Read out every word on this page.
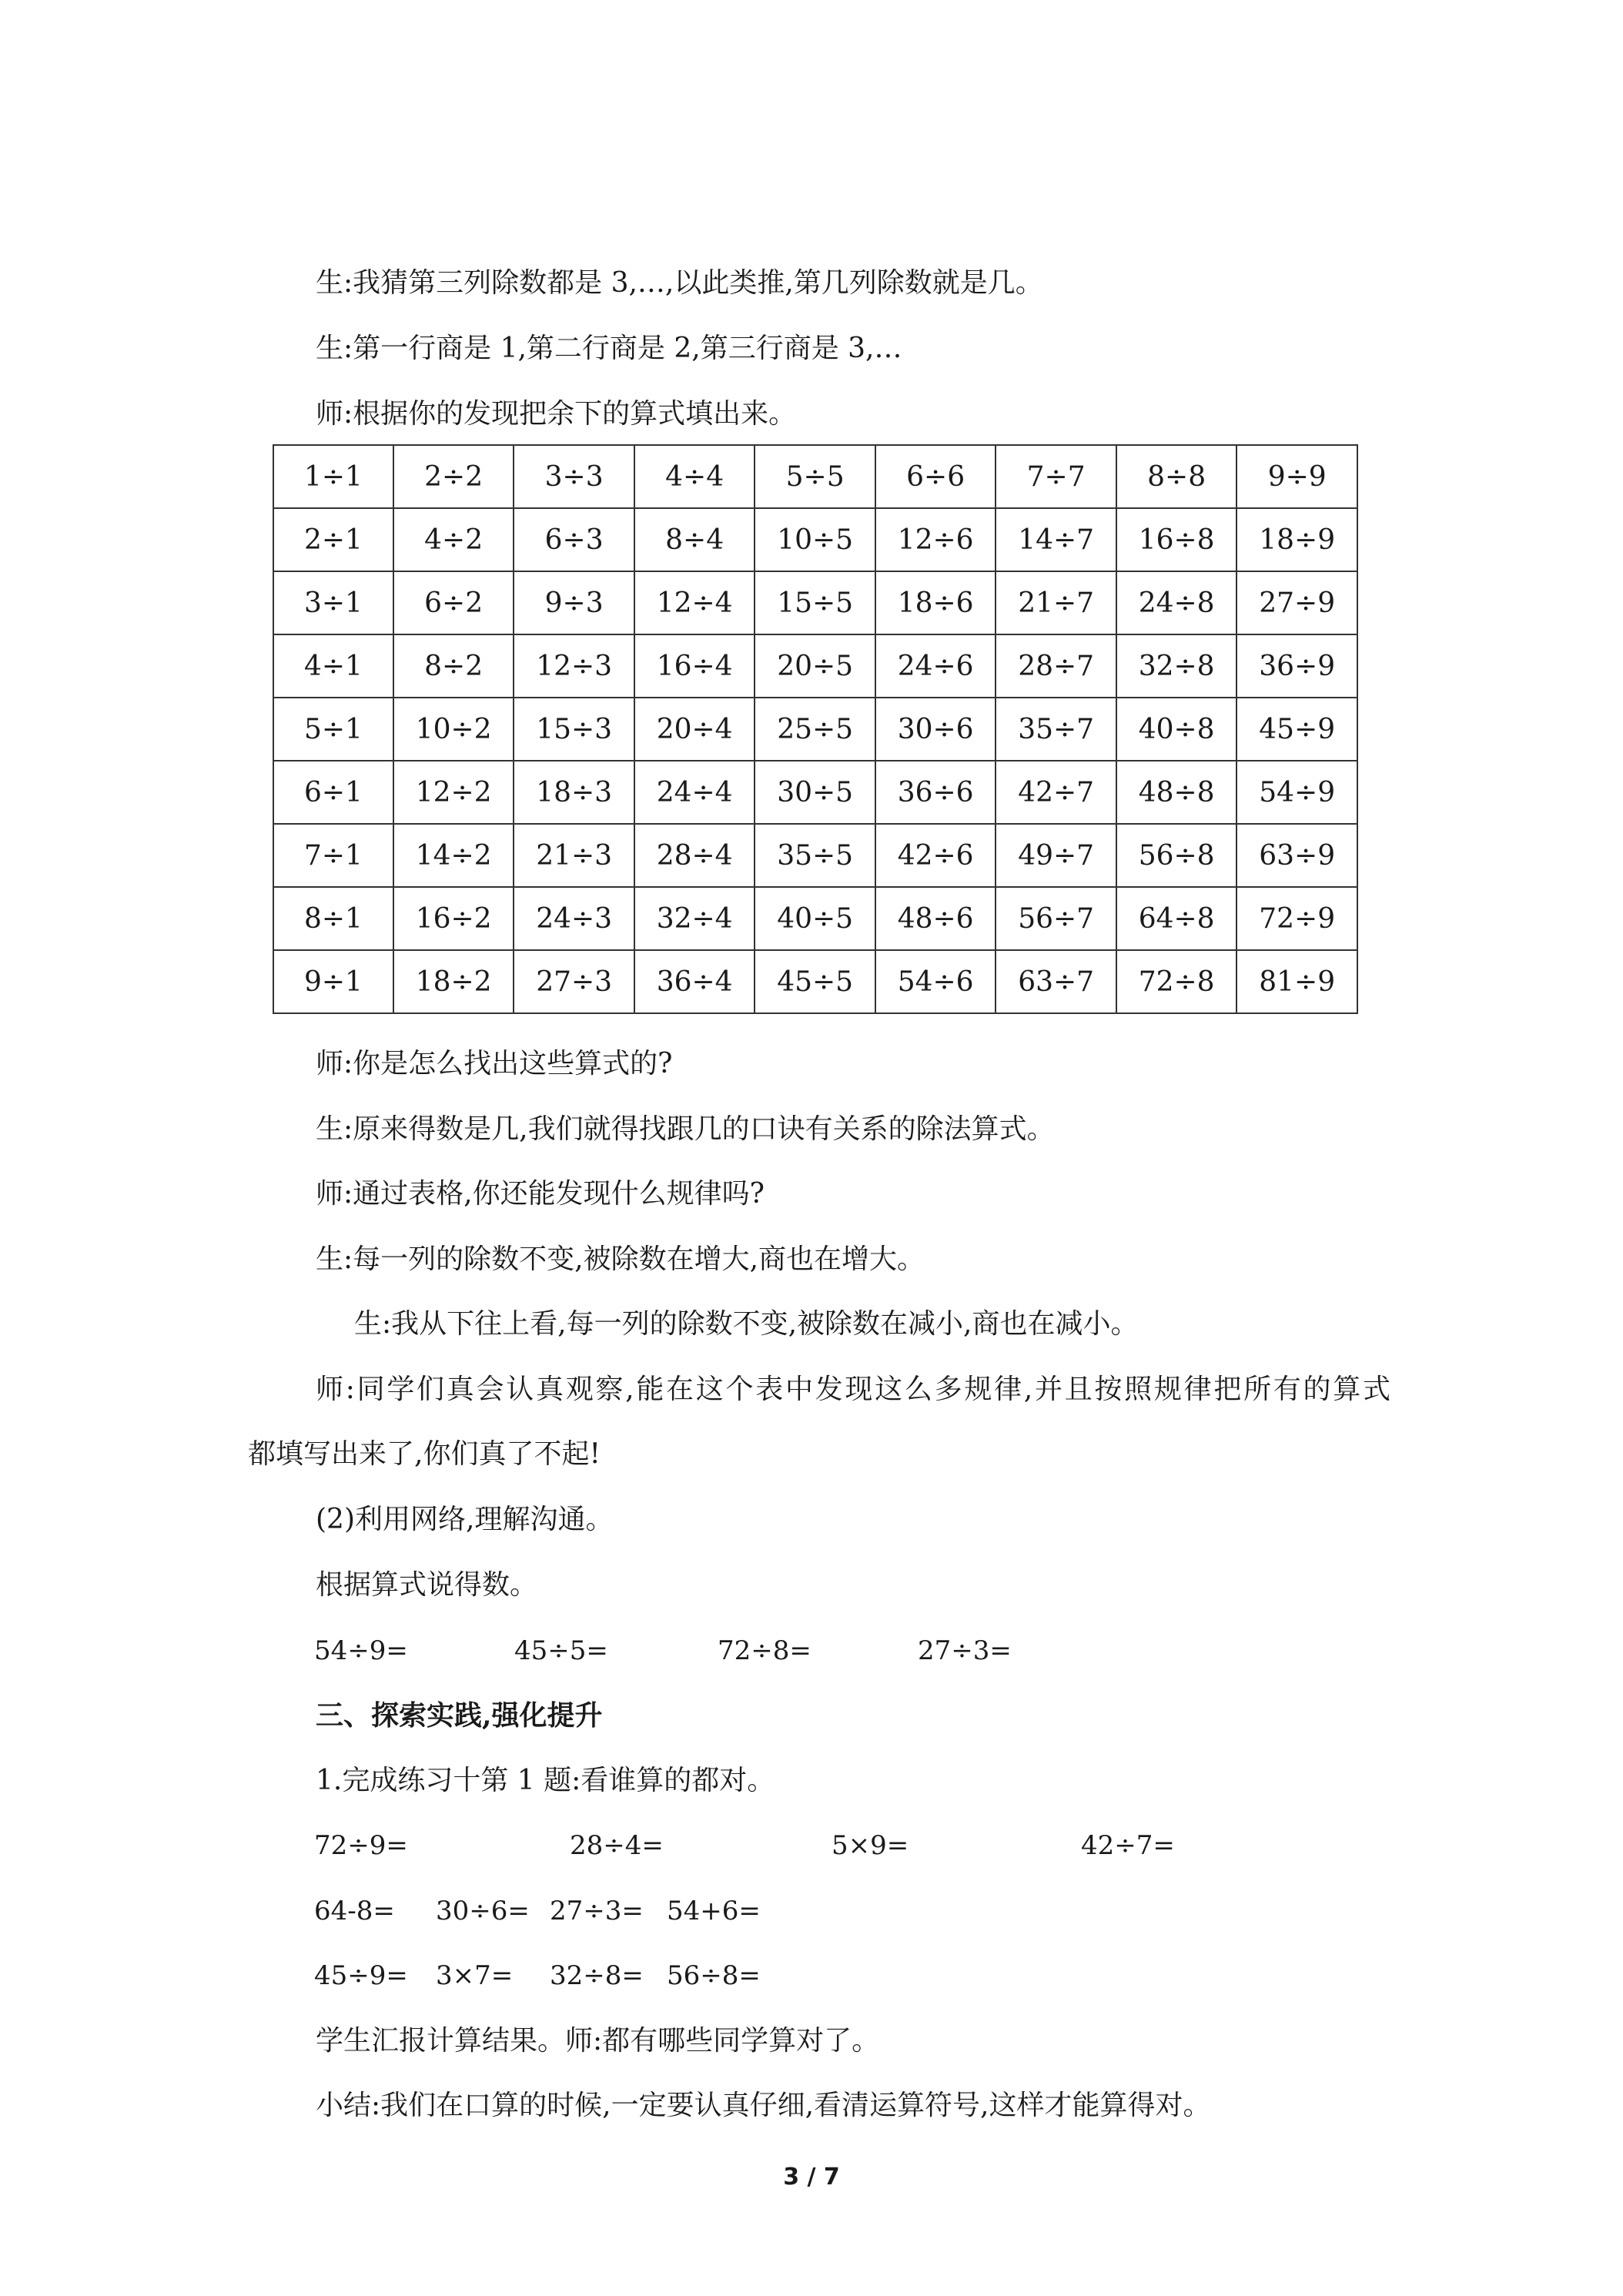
生:我猜第三列除数都是 3,…,以此类推,第几列除数就是几。
生:第一行商是 1,第二行商是 2,第三行商是 3,…
师:根据你的发现把余下的算式填出来。
1÷1	2÷2	3÷3	4÷4	5÷5	6÷6	7÷7	8÷8	9÷9
2÷1	4÷2	6÷3	8÷4	10÷5	12÷6	14÷7	16÷8	18÷9
3÷1	6÷2	9÷3	12÷4	15÷5	18÷6	21÷7	24÷8	27÷9
4÷1	8÷2	12÷3	16÷4	20÷5	24÷6	28÷7	32÷8	36÷9
5÷1	10÷2	15÷3	20÷4	25÷5	30÷6	35÷7	40÷8	45÷9
6÷1	12÷2	18÷3	24÷4	30÷5	36÷6	42÷7	48÷8	54÷9
7÷1	14÷2	21÷3	28÷4	35÷5	42÷6	49÷7	56÷8	63÷9
8÷1	16÷2	24÷3	32÷4	40÷5	48÷6	56÷7	64÷8	72÷9
9÷1	18÷2	27÷3	36÷4	45÷5	54÷6	63÷7	72÷8	81÷9
师:你是怎么找出这些算式的?
生:原来得数是几,我们就得找跟几的口诀有关系的除法算式。
师:通过表格,你还能发现什么规律吗?
生:每一列的除数不变,被除数在增大,商也在增大。
生:我从下往上看,每一列的除数不变,被除数在减小,商也在减小。
师:同学们真会认真观察,能在这个表中发现这么多规律,并且按照规律把所有的算式
都填写出来了,你们真了不起!
(2)利用网络,理解沟通。
根据算式说得数。
54÷9=	45÷5=	72÷8=	27÷3=
三、探索实践,强化提升
1.完成练习十第 1 题:看谁算的都对。
72÷9=	28÷4=	5×9=	42÷7=
64-8= 30÷6= 27÷3= 54+6=
45÷9= 3×7= 32÷8= 56÷8=
学生汇报计算结果。师:都有哪些同学算对了。
小结:我们在口算的时候,一定要认真仔细,看清运算符号,这样才能算得对。
3 / 7
